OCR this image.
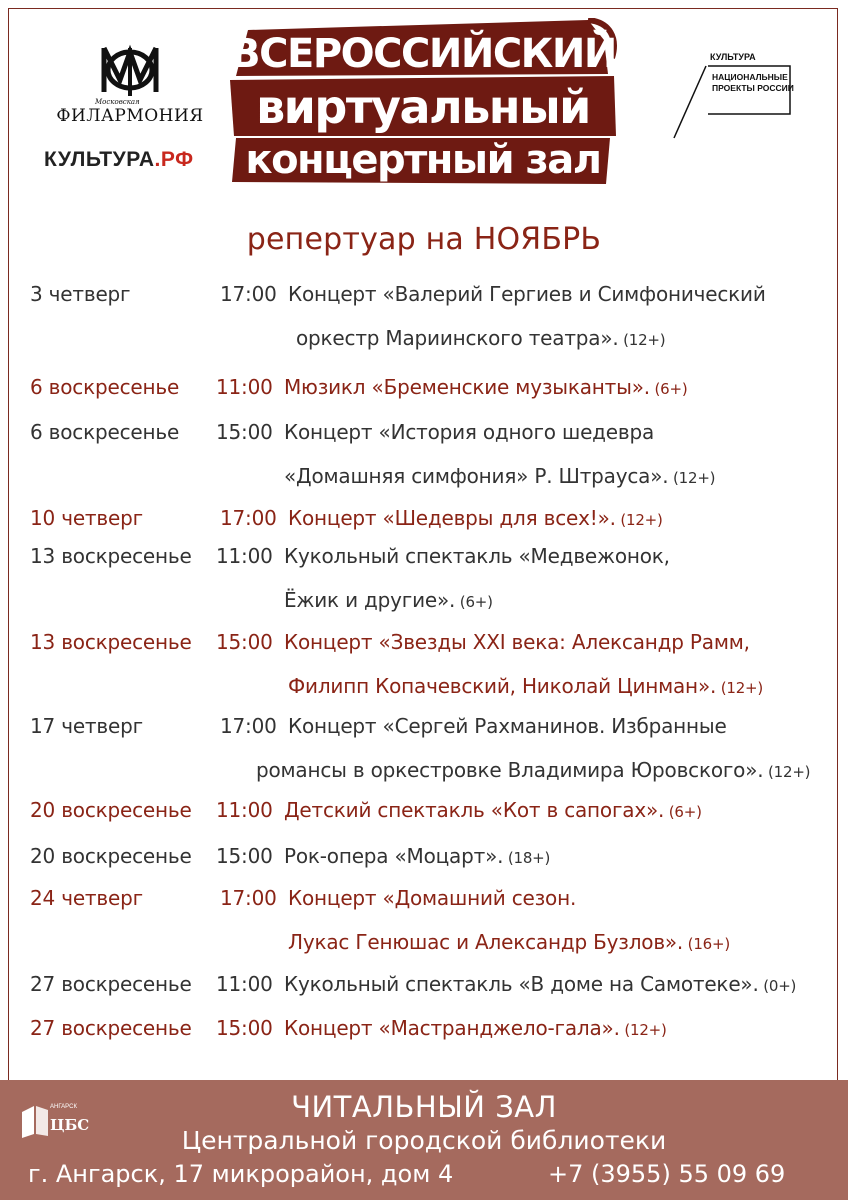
Московская
ФИЛАРМОНИЯ
КУЛЬТУРА.РФ
ВСЕРОССИЙСКИЙ
виртуальный
концертный зал
КУЛЬТУРА
НАЦИОНАЛЬНЫЕ ПРОЕКТЫ РОССИИ
репертуар на НОЯБРЬ
3 четверг	17:00 Концерт «Валерий Гергиев и Симфонический
оркестр Мариинского театра». (12+)
6 воскресенье 11:00 Мюзикл «Бременские музыканты». (6+)
6 воскресенье 15:00 Концерт «История одного шедевра
«Домашняя симфония» Р. Штрауса». (12+)
10 четверг	17:00 Концерт «Шедевры для всех!». (12+)
13 воскресенье 11:00 Кукольный спектакль «Медвежонок,
Ёжик и другие». (6+)
13 воскресенье 15:00 Концерт «Звезды XXI века: Александр Рамм,
Филипп Копачевский, Николай Цинман». (12+)
17 четверг	17:00 Концерт «Сергей Рахманинов. Избранные
романсы в оркестровке Владимира Юровского». (12+)
20 воскресенье 11:00 Детский спектакль «Кот в сапогах». (6+)
20 воскресенье 15:00 Рок-опера «Моцарт». (18+)
24 четверг	17:00 Концерт «Домашний сезон.
Лукас Генюшас и Александр Бузлов». (16+)
27 воскресенье 11:00 Кукольный спектакль «В доме на Самотеке». (0+)
27 воскресенье 15:00 Концерт «Мастранджело-гала». (12+)
АНГАРСК
ЦБС
ЧИТАЛЬНЫЙ ЗАЛ
Центральной городской библиотеки
г. Ангарск, 17 микрорайон, дом 4	+7 (3955) 55 09 69
